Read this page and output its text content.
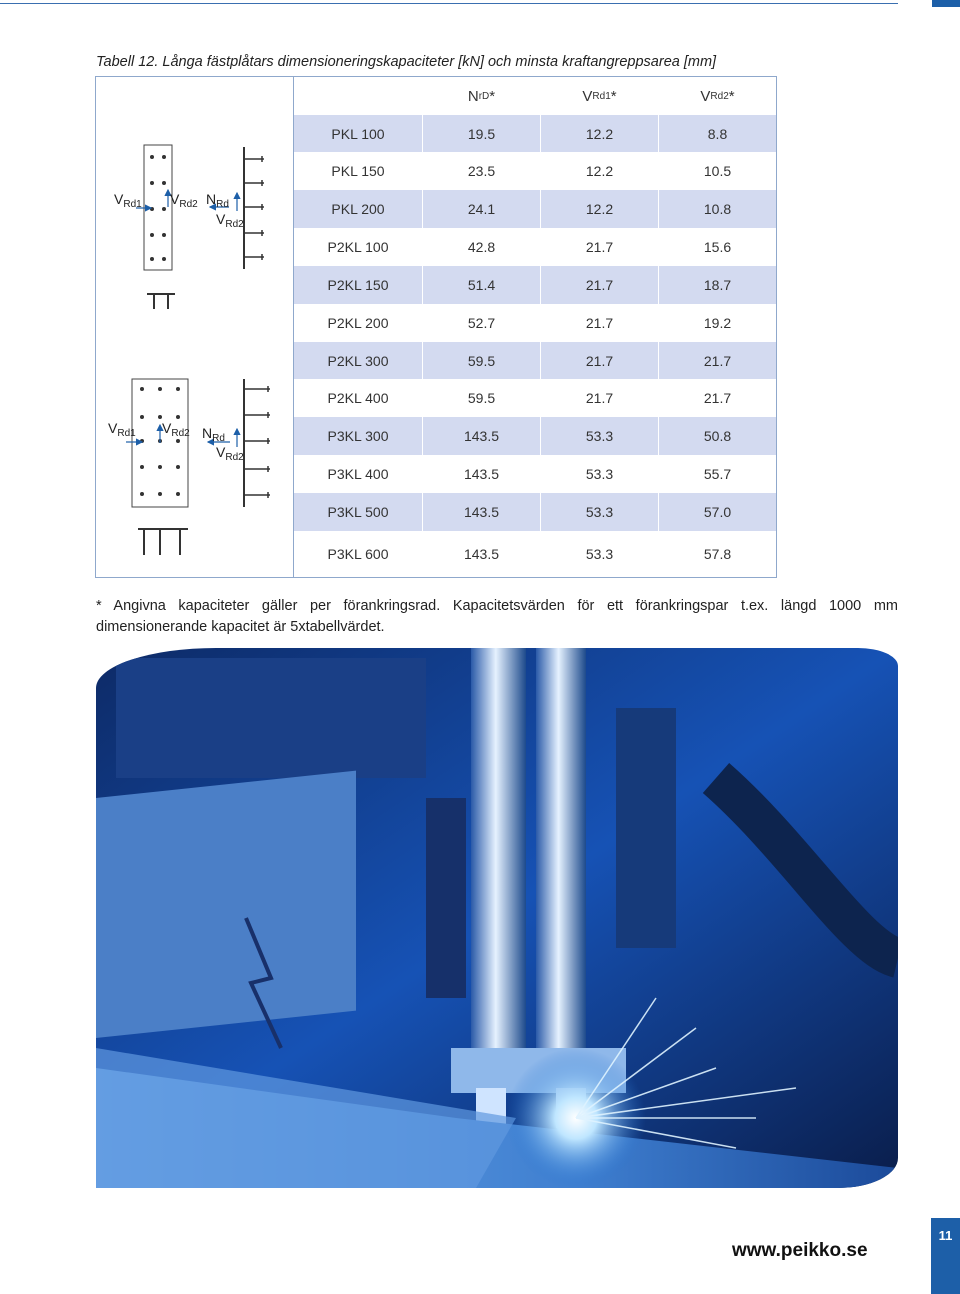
Tabell 12. Långa fästplåtars dimensioneringskapaciteter [kN] och minsta kraftangreppsarea [mm]
$V_{Rd1}$ $V_{Rd2}$ $N_{Rd}$
$V_{Rd2}$
$V_{Rd1}$ $V_{Rd2}$ $N_{Rd}$
$V_{Rd2}$
N rD *	V Rd1 *	V Rd2 *
PKL 100	19.5	12.2	8.8
PKL 150	23.5	12.2	10.5
PKL 200	24.1	12.2	10.8
P2KL 100	42.8	21.7	15.6
P2KL 150	51.4	21.7	18.7
P2KL 200	52.7	21.7	19.2
P2KL 300	59.5	21.7	21.7
P2KL 400	59.5	21.7	21.7
P3KL 300	143.5	53.3	50.8
P3KL 400	143.5	53.3	55.7
P3KL 500	143.5	53.3	57.0
P3KL 600	143.5	53.3	57.8
* Angivna kapaciteter gäller per förankringsrad. Kapacitetsvärden för ett förankringspar t.ex. längd 1000 mm dimensionerande kapacitet är 5xtabellvärdet.
www.peikko.se
11
